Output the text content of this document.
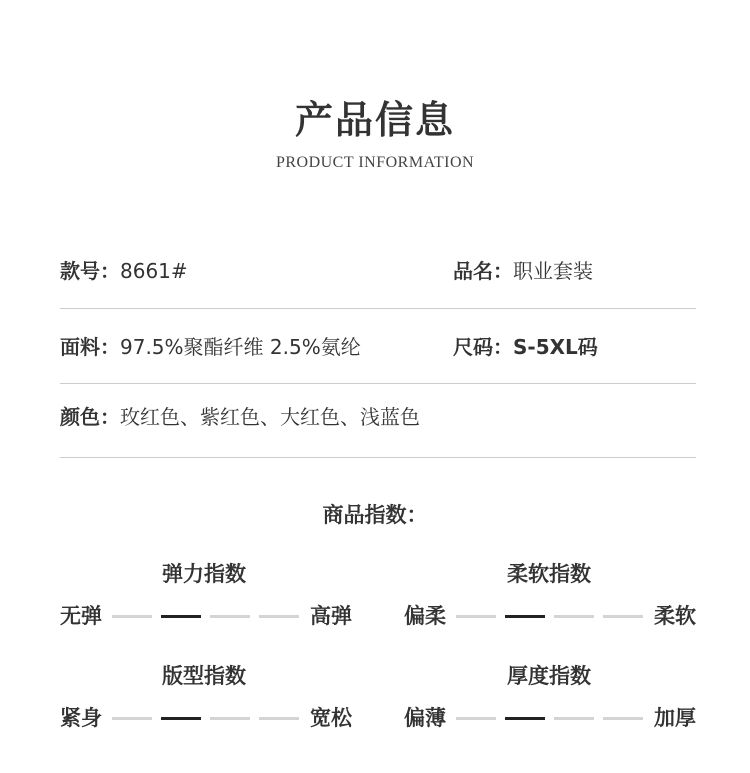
产品信息
PRODUCT INFORMATION
款号：8661#	品名：职业套装
面料：97.5%聚酯纤维 2.5%氨纶	尺码：S-5XL码
颜色：玫红色、紫红色、大红色、浅蓝色
商品指数：
弹力指数
无弹	高弹
柔软指数
偏柔	柔软
版型指数
紧身	宽松
厚度指数
偏薄	加厚
